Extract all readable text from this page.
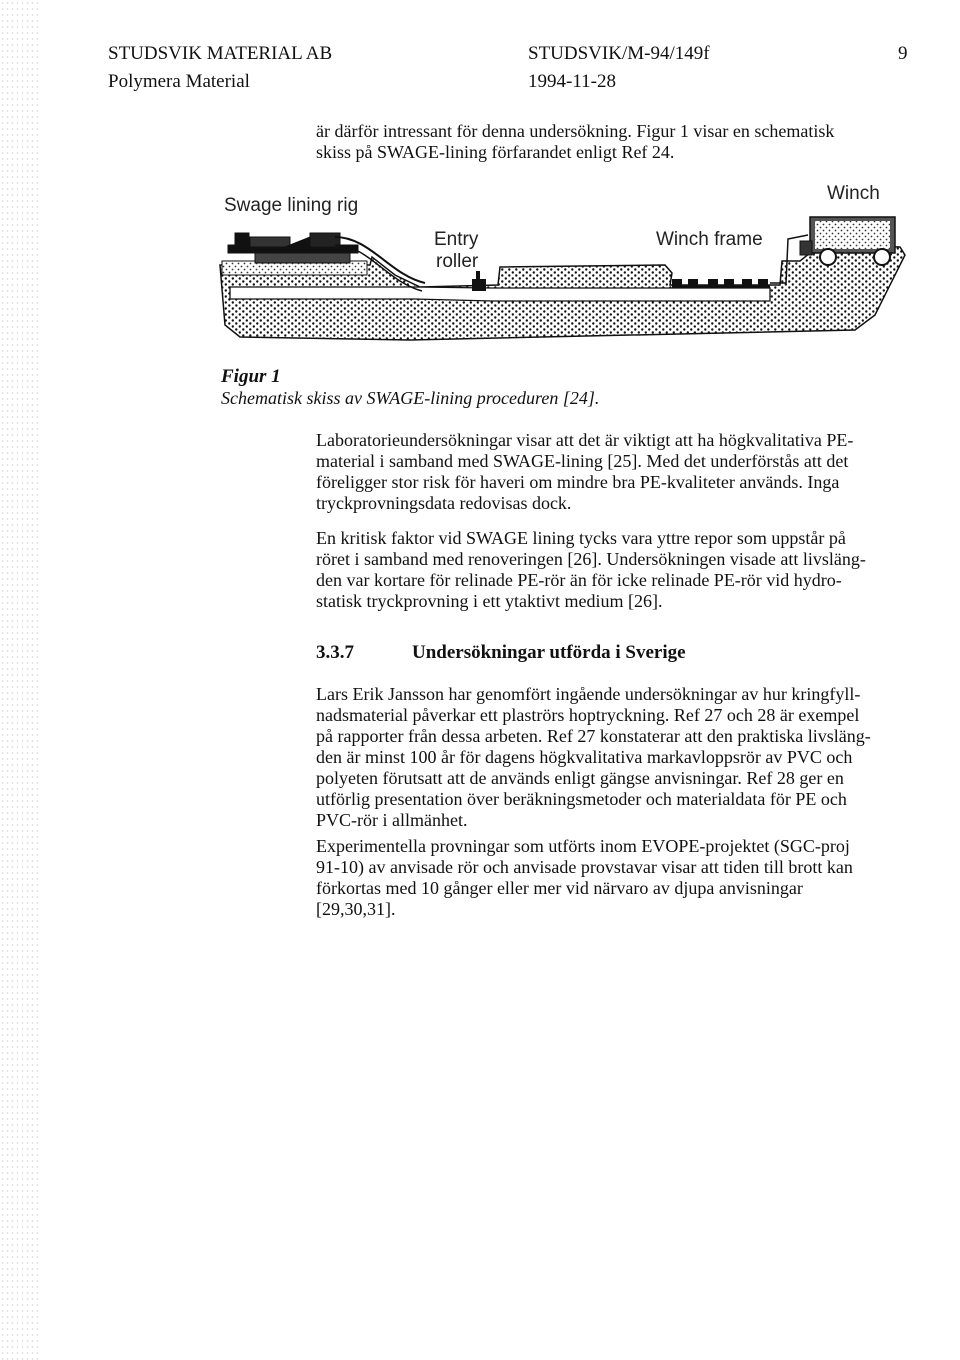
STUDSVIK MATERIAL AB
Polymera Material
STUDSVIK/M-94/149f
1994-11-28
9

är därför intressant för denna undersökning. Figur 1 visar en schematisk

skiss på SWAGE-lining förfarandet enligt Ref 24.

Swage lining rig
Winch
Entry
roller
Winch frame
Figur 1
Schematisk skiss av SWAGE-lining proceduren [24].

Laboratorieundersökningar visar att det är viktigt att ha högkvalitativa PE-

material i samband med SWAGE-lining [25]. Med det underförstås att det

föreligger stor risk för haveri om mindre bra PE-kvaliteter används. Inga

tryckprovningsdata redovisas dock.

En kritisk faktor vid SWAGE lining tycks vara yttre repor som uppstår på

röret i samband med renoveringen [26]. Undersökningen visade att livsläng-

den var kortare för relinade PE-rör än för icke relinade PE-rör vid hydro-

statisk tryckprovning i ett ytaktivt medium [26].

3.3.7	Undersökningar utförda i Sverige

Lars Erik Jansson har genomfört ingående undersökningar av hur kringfyll-

nadsmaterial påverkar ett plaströrs hoptryckning. Ref 27 och 28 är exempel

på rapporter från dessa arbeten. Ref 27 konstaterar att den praktiska livsläng-

den är minst 100 år för dagens högkvalitativa markavloppsrör av PVC och

polyeten förutsatt att de används enligt gängse anvisningar. Ref 28 ger en

utförlig presentation över beräkningsmetoder och materialdata för PE och

PVC-rör i allmänhet.

Experimentella provningar som utförts inom EVOPE-projektet (SGC-proj

91-10) av anvisade rör och anvisade provstavar visar att tiden till brott kan

förkortas med 10 gånger eller mer vid närvaro av djupa anvisningar

[29,30,31].
